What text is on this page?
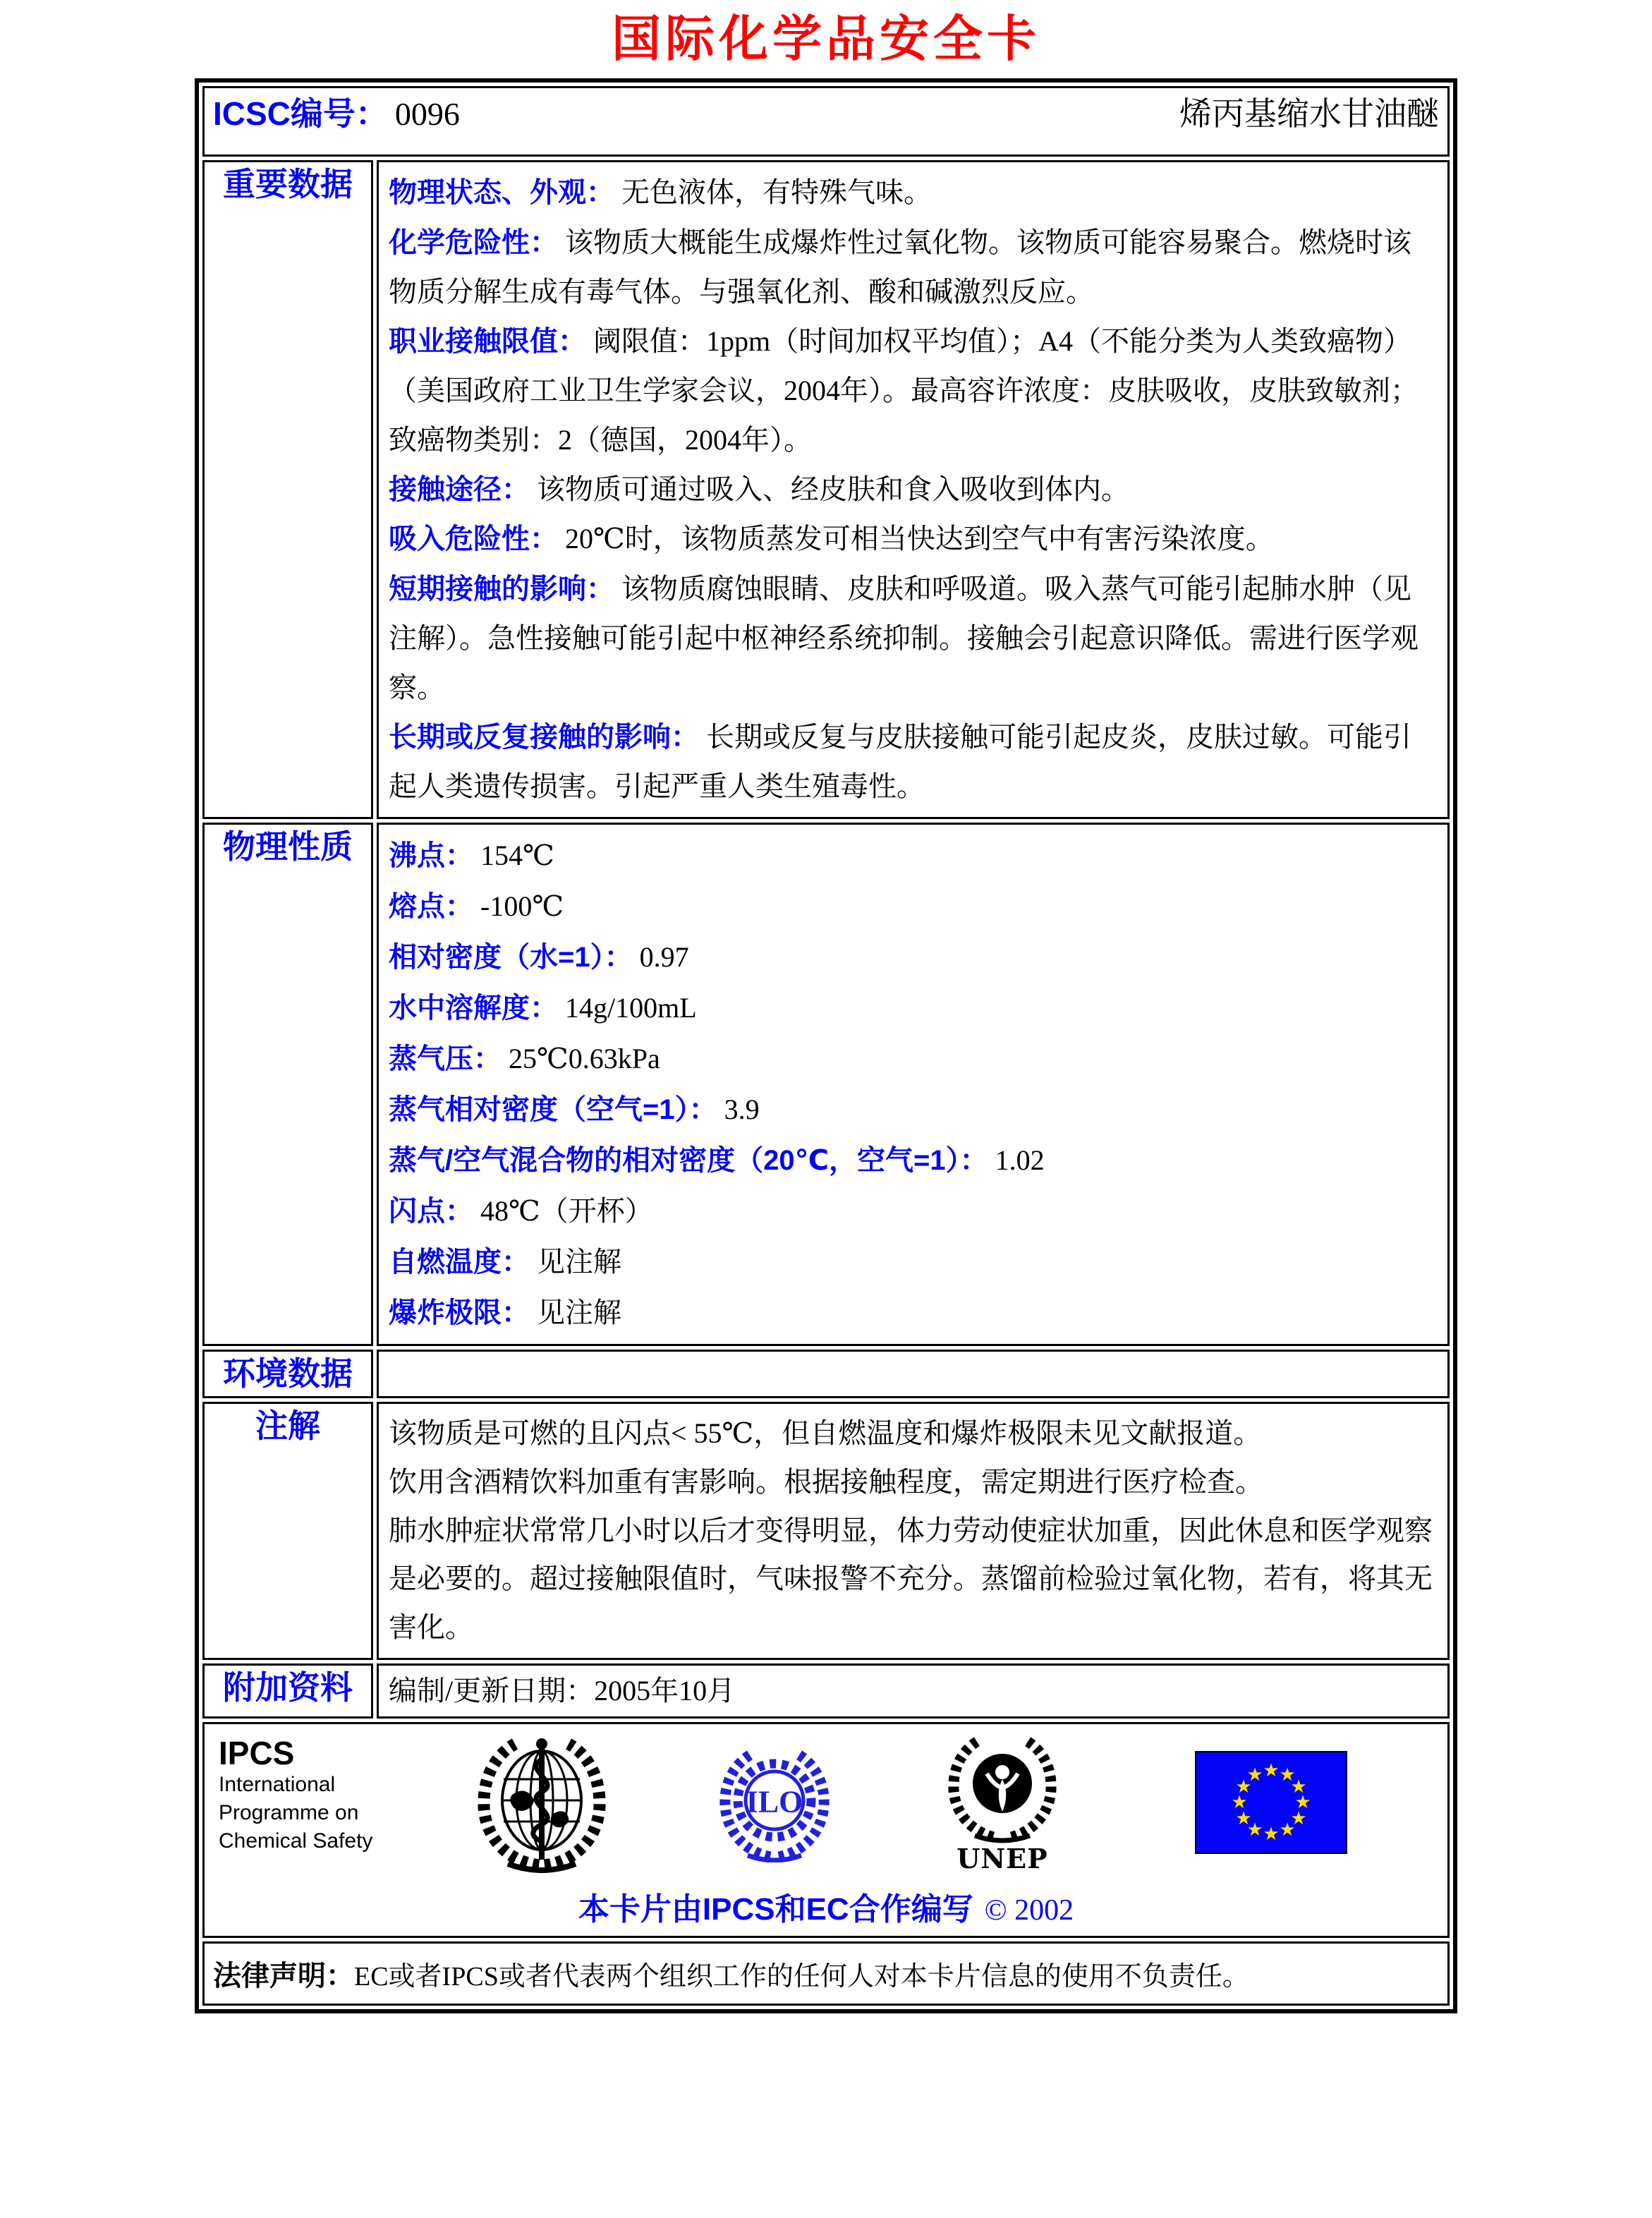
国际化学品安全卡
ICSC编号： 0096 烯丙基缩水甘油醚	

重要数据	物理状态、外观： 无色液体，有特殊气味。

化学危险性： 该物质大概能生成爆炸性过氧化物。该物质可能容易聚合。燃烧时该物质分解生成有毒气体。与强氧化剂、酸和碱激烈反应。

职业接触限值： 阈限值：1ppm（时间加权平均值）；A4（不能分类为人类致癌物）（美国政府工业卫生学家会议，2004年）。最高容许浓度：皮肤吸收，皮肤致敏剂；致癌物类别：2（德国，2004年）。

接触途径： 该物质可通过吸入、经皮肤和食入吸收到体内。

吸入危险性： 20℃时，该物质蒸发可相当快达到空气中有害污染浓度。

短期接触的影响： 该物质腐蚀眼睛、皮肤和呼吸道。吸入蒸气可能引起肺水肿（见注解）。急性接触可能引起中枢神经系统抑制。接触会引起意识降低。需进行医学观察。

长期或反复接触的影响： 长期或反复与皮肤接触可能引起皮炎，皮肤过敏。可能引起人类遗传损害。引起严重人类生殖毒性。

物理性质	沸点： 154℃

熔点： -100℃

相对密度（水=1）： 0.97

水中溶解度： 14g/100mL

蒸气压： 25℃0.63kPa

蒸气相对密度（空气=1）： 3.9

蒸气/空气混合物的相对密度（20℃，空气=1）： 1.02

闪点： 48℃（开杯）

自燃温度： 见注解

爆炸极限： 见注解

环境数据	
注解	该物质是可燃的且闪点< 55℃，但自燃温度和爆炸极限未见文献报道。

饮用含酒精饮料加重有害影响。根据接触程度，需定期进行医疗检查。

肺水肿症状常常几小时以后才变得明显，体力劳动使症状加重，因此休息和医学观察是必要的。超过接触限值时，气味报警不充分。蒸馏前检验过氧化物，若有，将其无害化。

附加资料	编制/更新日期：2005年10月

IPCS
International
Programme on
Chemical Safety
ILO
UNEP
★ ★
★
★
★
★
★
★
★
★
★
★
本卡片由IPCS和EC合作编写 © 2002

法律声明：EC或者IPCS或者代表两个组织工作的任何人对本卡片信息的使用不负责任。	
